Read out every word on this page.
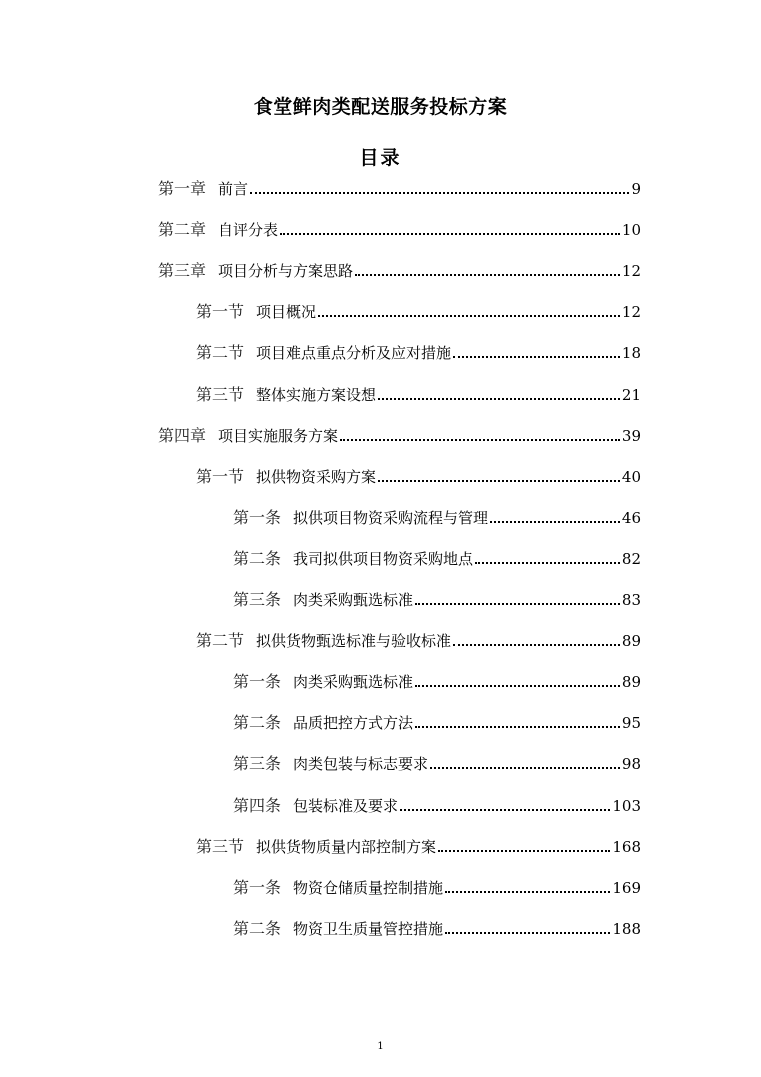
食堂鲜肉类配送服务投标方案
目录
第一章 前言	9
第二章 自评分表	10
第三章 项目分析与方案思路	12
第一节 项目概况	12
第二节 项目难点重点分析及应对措施	18
第三节 整体实施方案设想	21
第四章 项目实施服务方案	39
第一节 拟供物资采购方案	40
第一条 拟供项目物资采购流程与管理	46
第二条 我司拟供项目物资采购地点	82
第三条 肉类采购甄选标准	83
第二节 拟供货物甄选标准与验收标准	89
第一条 肉类采购甄选标准	89
第二条 品质把控方式方法	95
第三条 肉类包装与标志要求	98
第四条 包装标准及要求	103
第三节 拟供货物质量内部控制方案	168
第一条 物资仓储质量控制措施	169
第二条 物资卫生质量管控措施	188
1
